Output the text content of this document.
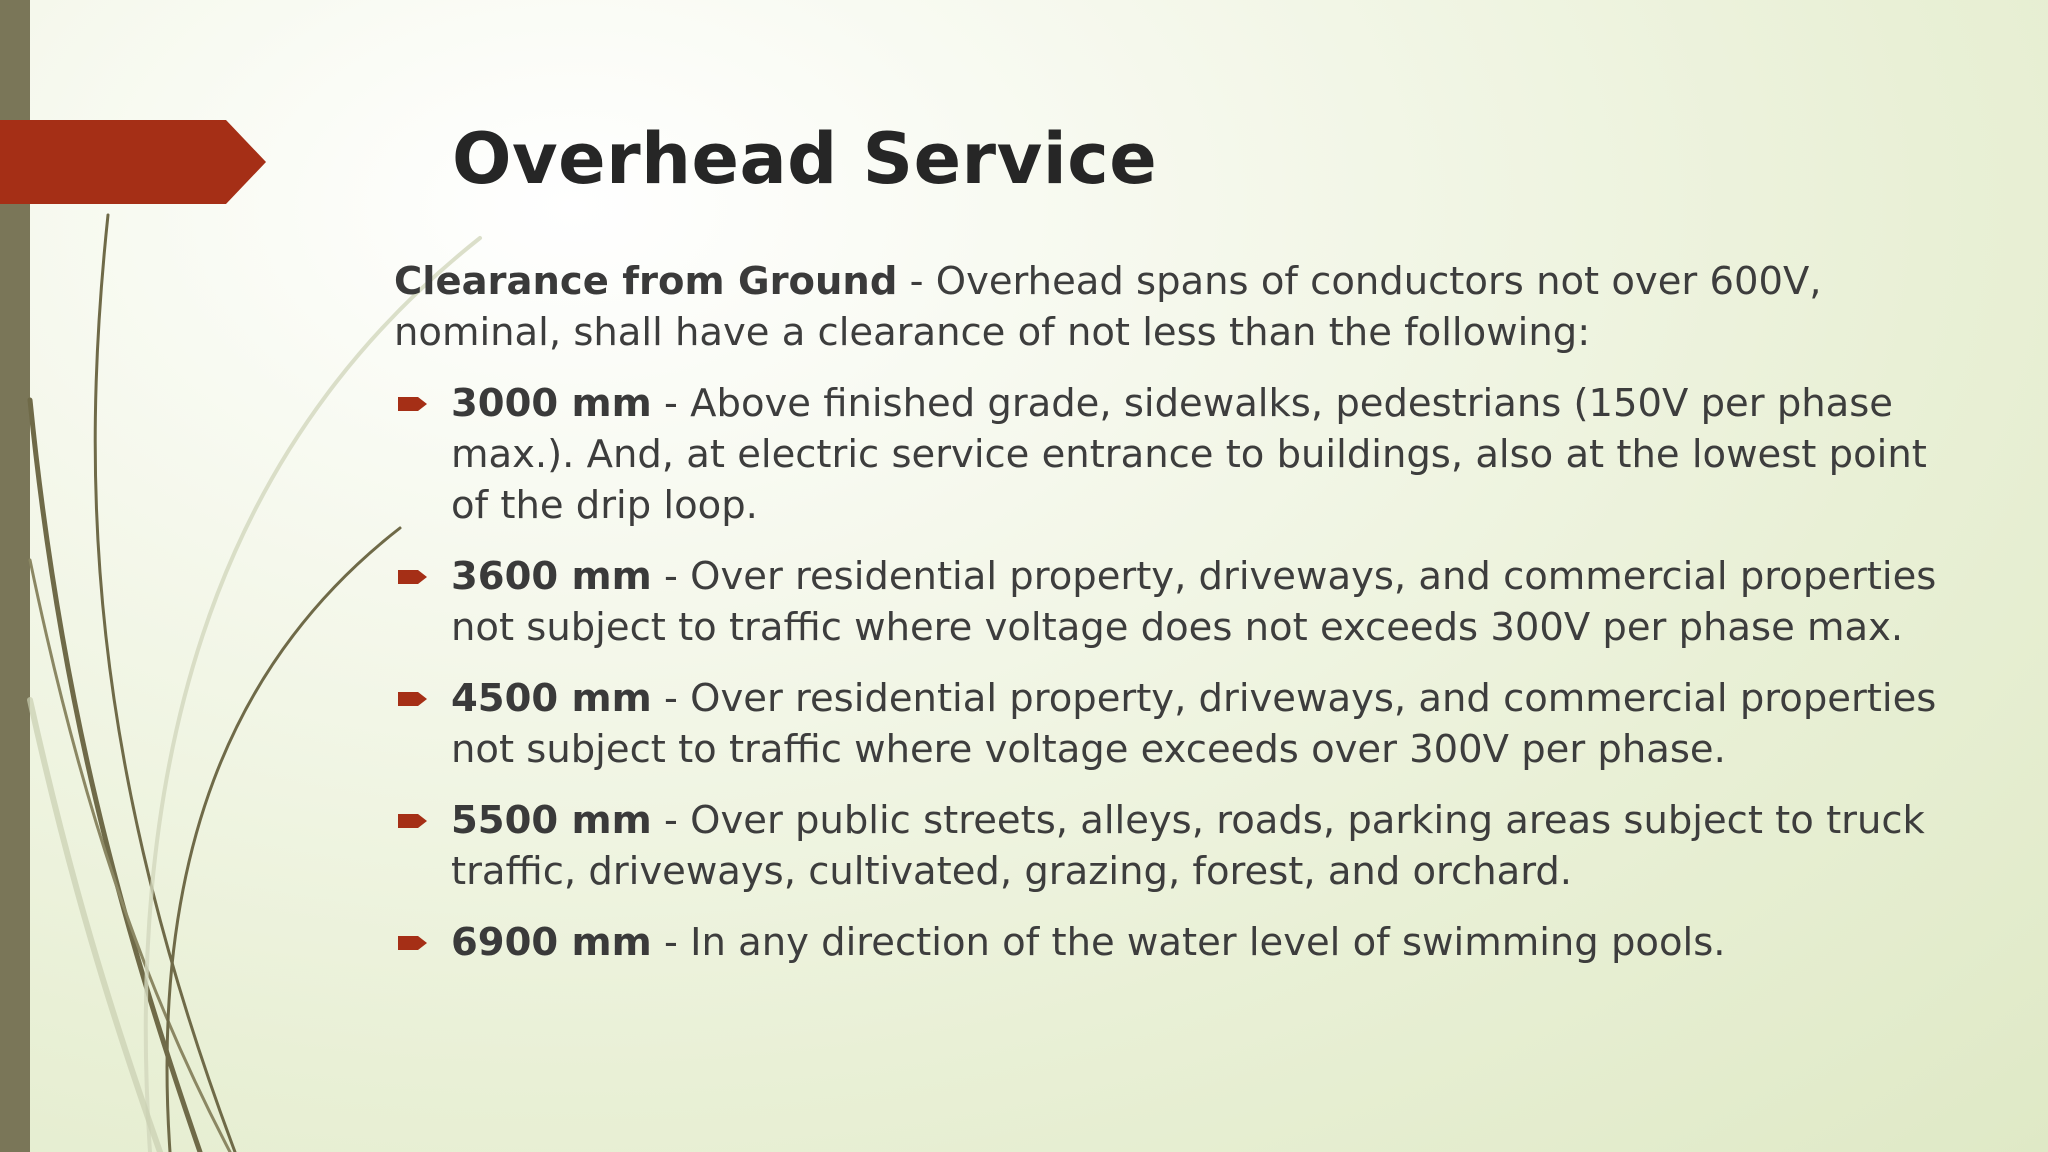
Overhead Service

Clearance from Ground - Overhead spans of conductors not over 600V, nominal, shall have a clearance of not less than the following:

3000 mm - Above finished grade, sidewalks, pedestrians (150V per phase max.). And, at electric service entrance to buildings, also at the lowest point of the drip loop.
3600 mm - Over residential property, driveways, and commercial properties not subject to traffic where voltage does not exceeds 300V per phase max.
4500 mm - Over residential property, driveways, and commercial properties not subject to traffic where voltage exceeds over 300V per phase.
5500 mm - Over public streets, alleys, roads, parking areas subject to truck traffic, driveways, cultivated, grazing, forest, and orchard.
6900 mm - In any direction of the water level of swimming pools.
